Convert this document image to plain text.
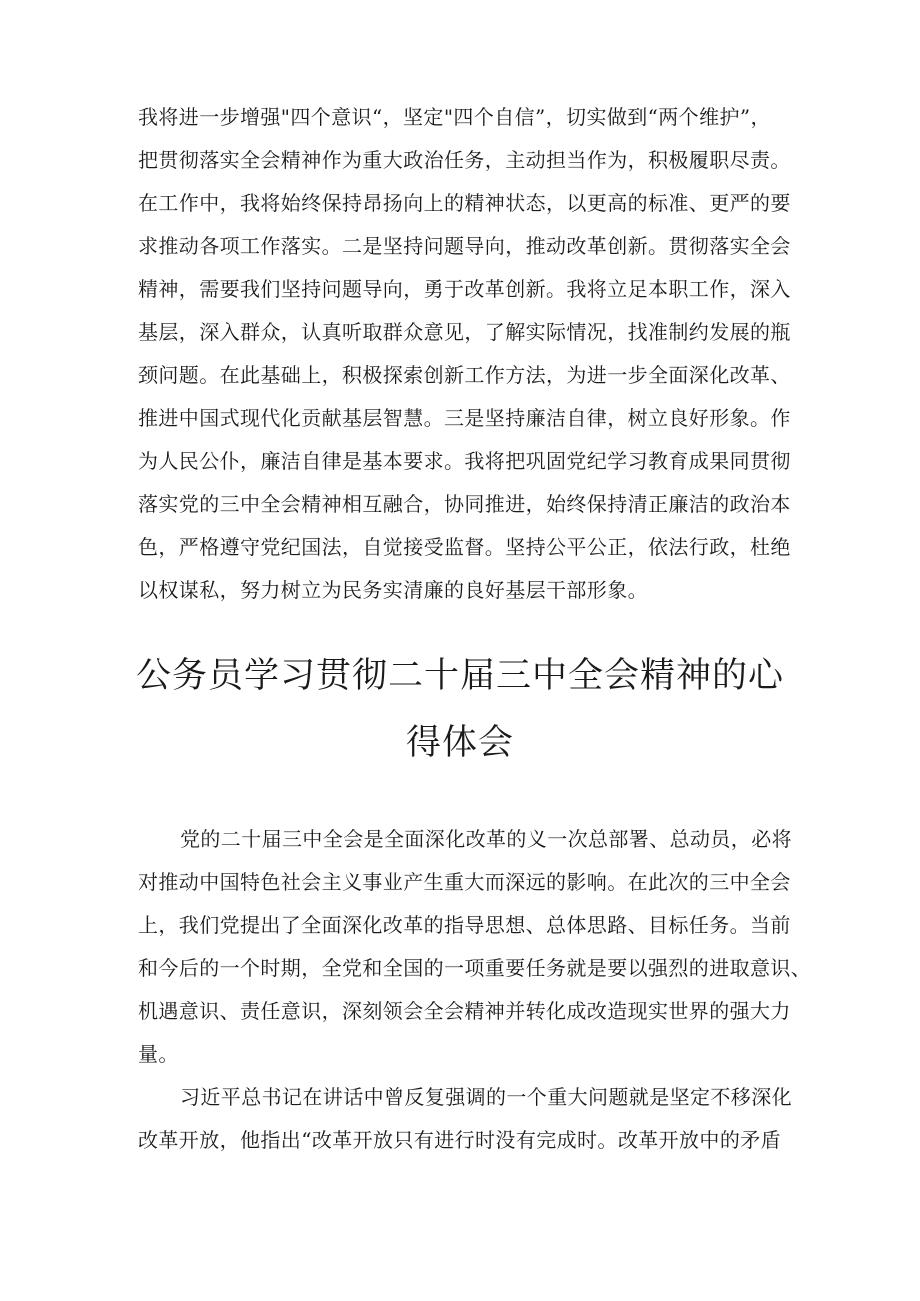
我将进一步增强"四个意识“，坚定"四个自信”，切实做到“两个维护”，
把贯彻落实全会精神作为重大政治任务，主动担当作为，积极履职尽责。
在工作中，我将始终保持昂扬向上的精神状态，以更高的标准、更严的要
求推动各项工作落实。二是坚持问题导向，推动改革创新。贯彻落实全会
精神，需要我们坚持问题导向，勇于改革创新。我将立足本职工作，深入
基层，深入群众，认真听取群众意见，了解实际情况，找准制约发展的瓶
颈问题。在此基础上，积极探索创新工作方法，为进一步全面深化改革、
推进中国式现代化贡献基层智慧。三是坚持廉洁自律，树立良好形象。作
为人民公仆，廉洁自律是基本要求。我将把巩固党纪学习教育成果同贯彻
落实党的三中全会精神相互融合，协同推进，始终保持清正廉洁的政治本
色，严格遵守党纪国法，自觉接受监督。坚持公平公正，依法行政，杜绝
以权谋私，努力树立为民务实清廉的良好基层干部形象。
公务员学习贯彻二十届三中全会精神的心
得体会
党的二十届三中全会是全面深化改革的义一次总部署、总动员，必将
对推动中国特色社会主义事业产生重大而深远的影响。在此次的三中全会
上，我们党提出了全面深化改革的指导思想、总体思路、目标任务。当前
和今后的一个时期，全党和全国的一项重要任务就是要以强烈的进取意识、
机遇意识、责任意识，深刻领会全会精神并转化成改造现实世界的强大力
量。
习近平总书记在讲话中曾反复强调的一个重大问题就是坚定不移深化
改革开放，他指出“改革开放只有进行时没有完成时。改革开放中的矛盾
